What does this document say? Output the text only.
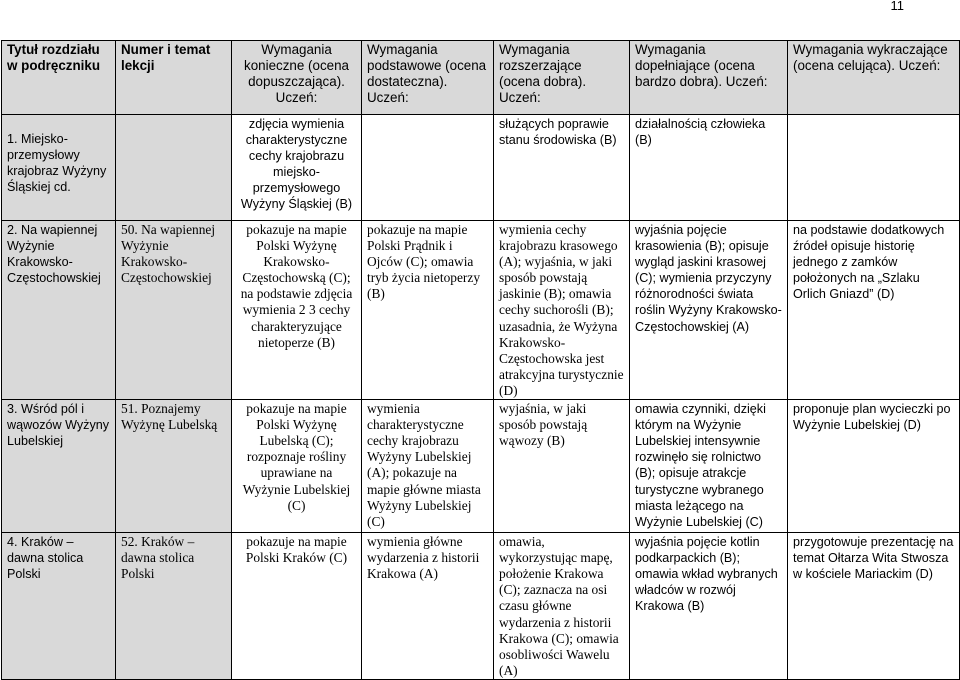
11
Tytuł rozdziału w podręczniku	Numer i temat lekcji	Wymagania konieczne (ocena dopuszczająca). Uczeń:	Wymagania podstawowe (ocena dostateczna). Uczeń:	Wymagania rozszerzające (ocena dobra). Uczeń:	Wymagania dopełniające (ocena bardzo dobra). Uczeń:	Wymagania wykraczające (ocena celująca). Uczeń:

1. Miejsko-przemysłowy krajobraz Wyżyny Śląskiej cd.		zdjęcia wymienia charakterystyczne cechy krajobrazu miejsko-przemysłowego Wyżyny Śląskiej (B)		służących poprawie stanu środowiska (B)	działalnością człowieka (B)	
2. Na wapiennej Wyżynie Krakowsko-Częstochowskiej	50. Na wapiennej Wyżynie Krakowsko-Częstochowskiej	pokazuje na mapie Polski Wyżynę Krakowsko-Częstochowską (C); na podstawie zdjęcia wymienia 2 3 cechy charakteryzujące nietoperze (B)	pokazuje na mapie Polski Prądnik i Ojców (C); omawia tryb życia nietoperzy (B)	wymienia cechy krajobrazu krasowego (A); wyjaśnia, w jaki sposób powstają jaskinie (B); omawia cechy suchorośli (B); uzasadnia, że Wyżyna Krakowsko-Częstochowska jest atrakcyjna turystycznie (D)	wyjaśnia pojęcie krasowienia (B); opisuje wygląd jaskini krasowej (C); wymienia przyczyny różnorodności świata roślin Wyżyny Krakowsko-Częstochowskiej (A)	na podstawie dodatkowych źródeł opisuje historię jednego z zamków położonych na „Szlaku Orlich Gniazd” (D)
3. Wśród pól i wąwozów Wyżyny Lubelskiej	51. Poznajemy Wyżynę Lubelską	pokazuje na mapie Polski Wyżynę Lubelską (C); rozpoznaje rośliny uprawiane na Wyżynie Lubelskiej (C)	wymienia charakterystyczne cechy krajobrazu Wyżyny Lubelskiej (A); pokazuje na mapie główne miasta Wyżyny Lubelskiej (C)	wyjaśnia, w jaki sposób powstają wąwozy (B)	omawia czynniki, dzięki którym na Wyżynie Lubelskiej intensywnie rozwinęło się rolnictwo (B); opisuje atrakcje turystyczne wybranego miasta leżącego na Wyżynie Lubelskiej (C)	proponuje plan wycieczki po Wyżynie Lubelskiej (D)
4. Kraków – dawna stolica Polski	52. Kraków – dawna stolica Polski	pokazuje na mapie Polski Kraków (C)	wymienia główne wydarzenia z historii Krakowa (A)	omawia, wykorzystując mapę, położenie Krakowa (C); zaznacza na osi czasu główne wydarzenia z historii Krakowa (C); omawia osobliwości Wawelu (A)	wyjaśnia pojęcie kotlin podkarpackich (B); omawia wkład wybranych władców w rozwój Krakowa (B)	przygotowuje prezentację na temat Ołtarza Wita Stwosza w kościele Mariackim (D)
